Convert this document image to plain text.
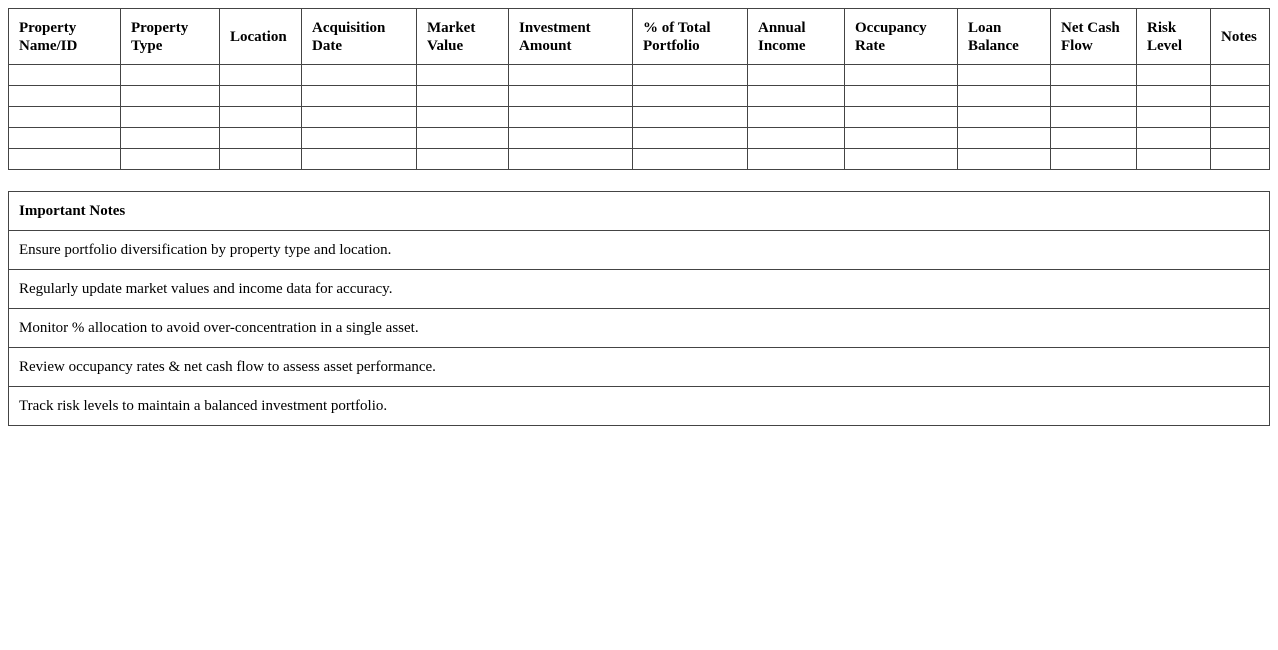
Property Name/ID	Property Type	Location	Acquisition Date	Market Value	Investment Amount	% of Total Portfolio	Annual Income	Occupancy Rate	Loan Balance	Net Cash Flow	Risk Level	Notes

Important Notes
Ensure portfolio diversification by property type and location.
Regularly update market values and income data for accuracy.
Monitor % allocation to avoid over-concentration in a single asset.
Review occupancy rates & net cash flow to assess asset performance.
Track risk levels to maintain a balanced investment portfolio.
